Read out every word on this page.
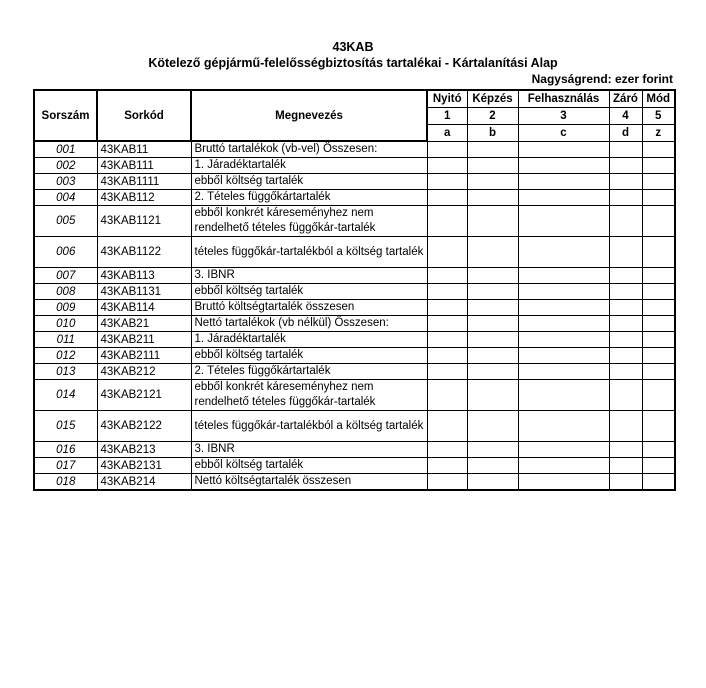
43KAB
Kötelező gépjármű-felelősségbiztosítás tartalékai - Kártalanítási Alap
Nagyságrend: ezer forint
Sorszám	Sorkód	Megnevezés	Nyitó	Képzés	Felhasználás	Záró	Mód
			1	2	3	4	5
			a	b	c	d	z
001	43KAB11	Bruttó tartalékok (vb-vel) Összesen:					
002	43KAB111	1. Járadéktartalék					
003	43KAB1111	ebből költség tartalék					
004	43KAB112	2. Tételes függőkártartalék					
005	43KAB1121	ebből konkrét káreseményhez nem rendelhető tételes függőkár-tartalék					
006	43KAB1122	tételes függőkár-tartalékból a költség tartalék					
007	43KAB113	3. IBNR					
008	43KAB1131	ebből költség tartalék					
009	43KAB114	Bruttó költségtartalék összesen					
010	43KAB21	Nettó tartalékok (vb nélkül) Összesen:					
011	43KAB211	1. Járadéktartalék					
012	43KAB2111	ebből költség tartalék					
013	43KAB212	2. Tételes függőkártartalék					
014	43KAB2121	ebből konkrét káreseményhez nem rendelhető tételes függőkár-tartalék					
015	43KAB2122	tételes függőkár-tartalékból a költség tartalék					
016	43KAB213	3. IBNR					
017	43KAB2131	ebből költség tartalék					
018	43KAB214	Nettó költségtartalék összesen					
